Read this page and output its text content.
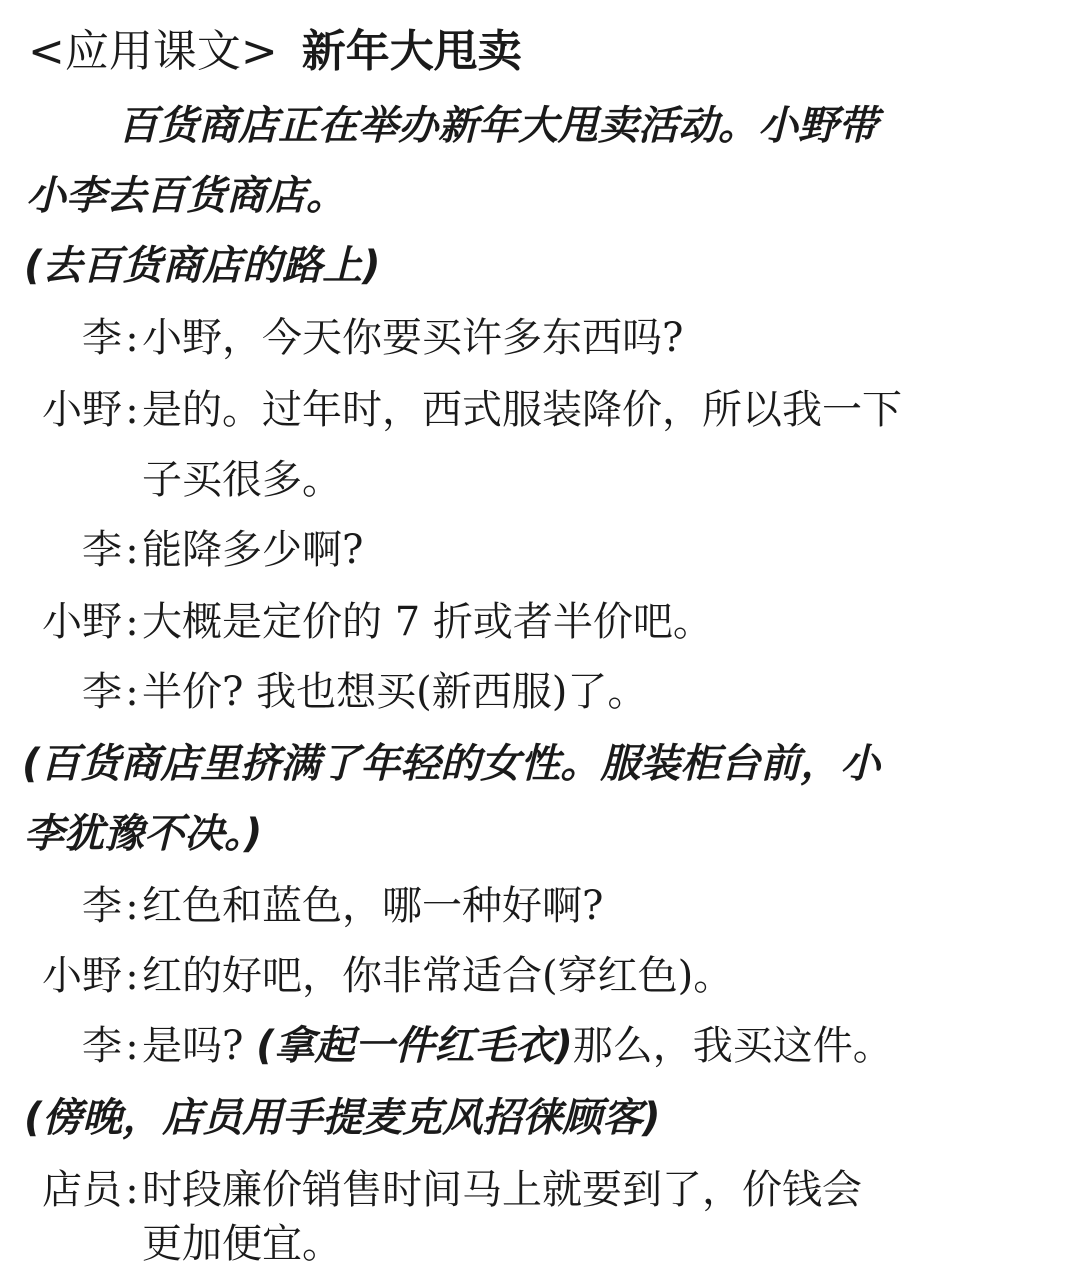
<应用课文> 新年大甩卖
百货商店正在举办新年大甩卖活动。小野带
小李去百货商店。
(去百货商店的路上)
李:小野，今天你要买许多东西吗?
小野:是的。过年时，西式服装降价，所以我一下
子买很多。
李:能降多少啊?
小野:大概是定价的 7 折或者半价吧。
李:半价? 我也想买(新西服)了。
(百货商店里挤满了年轻的女性。服装柜台前，小
李犹豫不决。)
李:红色和蓝色，哪一种好啊?
小野:红的好吧，你非常适合(穿红色)。
李:是吗? (拿起一件红毛衣)那么，我买这件。
(傍晚，店员用手提麦克风招徕顾客)
店员:时段廉价销售时间马上就要到了，价钱会
更加便宜。
